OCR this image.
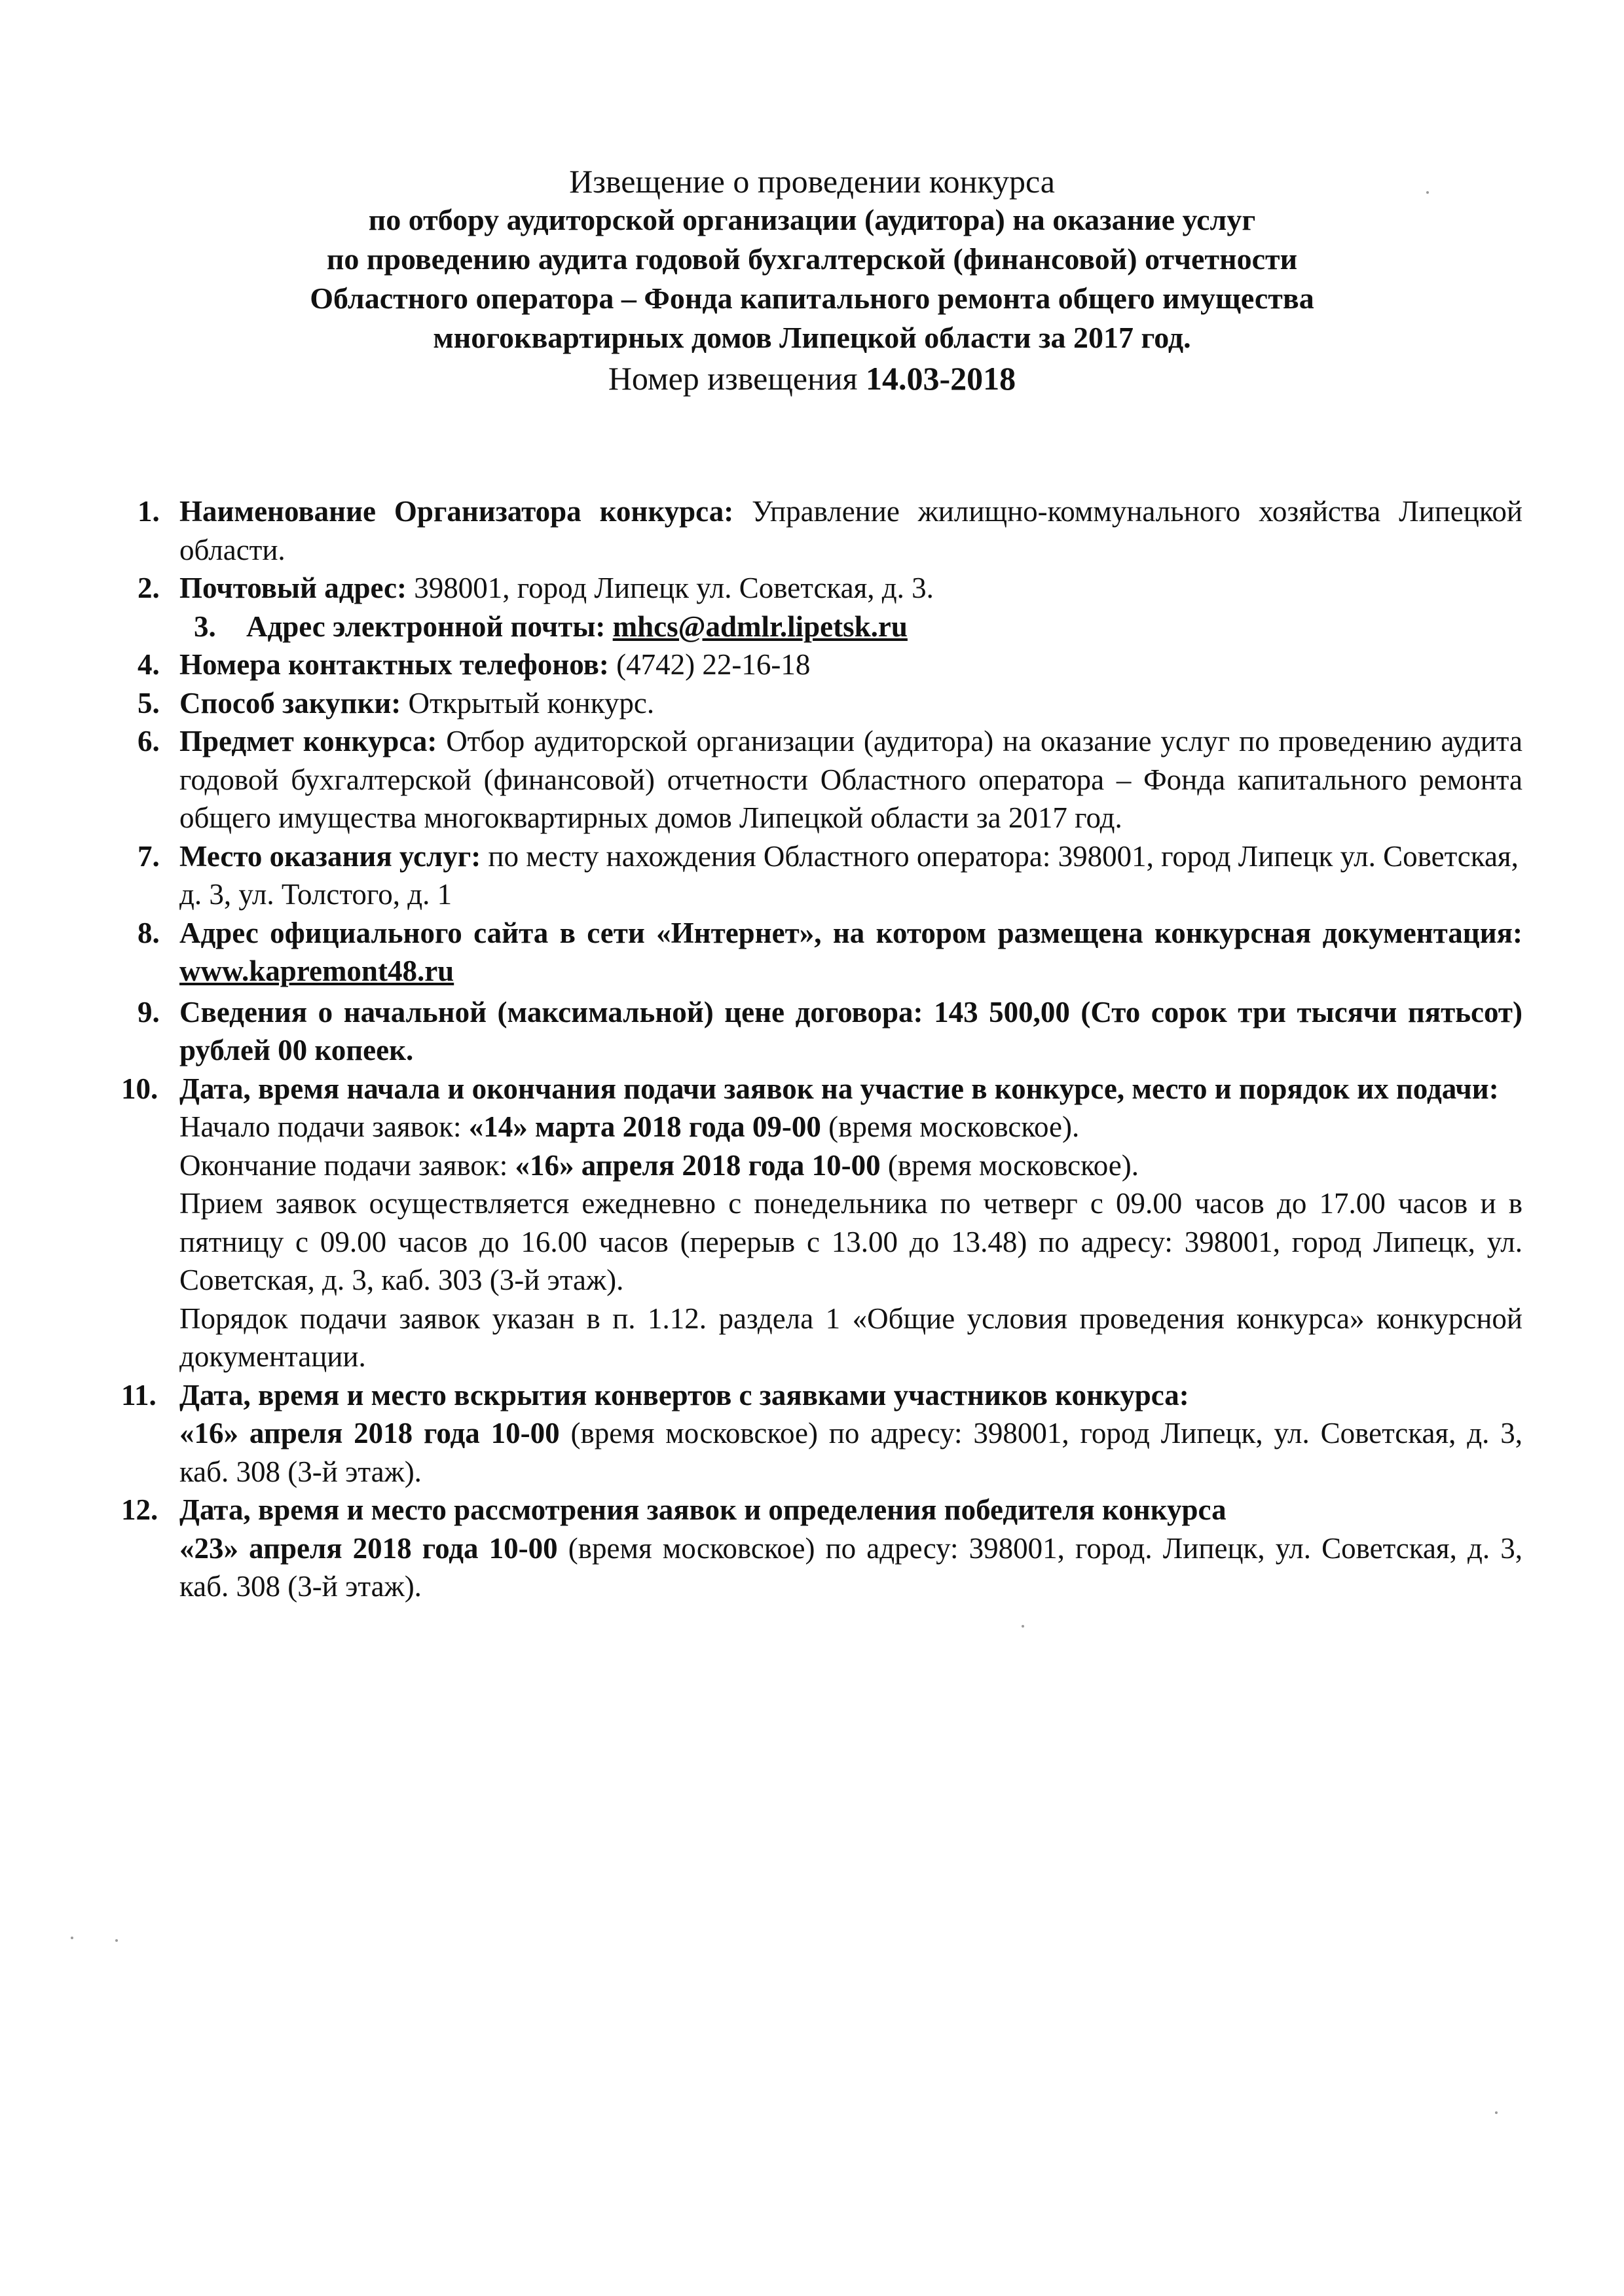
Извещение о проведении конкурса
по отбору аудиторской организации (аудитора) на оказание услуг
по проведению аудита годовой бухгалтерской (финансовой) отчетности
Областного оператора – Фонда капитального ремонта общего имущества
многоквартирных домов Липецкой области за 2017 год.
Номер извещения 14.03-2018
1. Наименование Организатора конкурса: Управление жилищно-коммунального хозяйства Липецкой области.
2. Почтовый адрес: 398001, город Липецк ул. Советская, д. 3.
3. Адрес электронной почты: mhcs@admlr.lipetsk.ru
4. Номера контактных телефонов: (4742) 22-16-18
5. Способ закупки: Открытый конкурс.
6. Предмет конкурса: Отбор аудиторской организации (аудитора) на оказание услуг по проведению аудита годовой бухгалтерской (финансовой) отчетности Областного оператора – Фонда капитального ремонта общего имущества многоквартирных домов Липецкой области за 2017 год.
7. Место оказания услуг: по месту нахождения Областного оператора: 398001, город Липецк ул. Советская, д. 3, ул. Толстого, д. 1
8. Адрес официального сайта в сети «Интернет», на котором размещена конкурсная документация: www.kapremont48.ru
9. Сведения о начальной (максимальной) цене договора: 143 500,00 (Сто сорок три тысячи пятьсот) рублей 00 копеек.
10. Дата, время начала и окончания подачи заявок на участие в конкурсе, место и порядок их подачи:
Начало подачи заявок: «14» марта 2018 года 09-00 (время московское).
Окончание подачи заявок: «16» апреля 2018 года 10-00 (время московское).
Прием заявок осуществляется ежедневно с понедельника по четверг с 09.00 часов до 17.00 часов и в пятницу с 09.00 часов до 16.00 часов (перерыв с 13.00 до 13.48) по адресу: 398001, город Липецк, ул. Советская, д. 3, каб. 303 (3-й этаж).
Порядок подачи заявок указан в п. 1.12. раздела 1 «Общие условия проведения конкурса» конкурсной документации.
11. Дата, время и место вскрытия конвертов с заявками участников конкурса:
«16» апреля 2018 года 10-00 (время московское) по адресу: 398001, город Липецк, ул. Советская, д. 3, каб. 308 (3-й этаж).
12. Дата, время и место рассмотрения заявок и определения победителя конкурса
«23» апреля 2018 года 10-00 (время московское) по адресу: 398001, город. Липецк, ул. Советская, д. 3, каб. 308 (3-й этаж).
